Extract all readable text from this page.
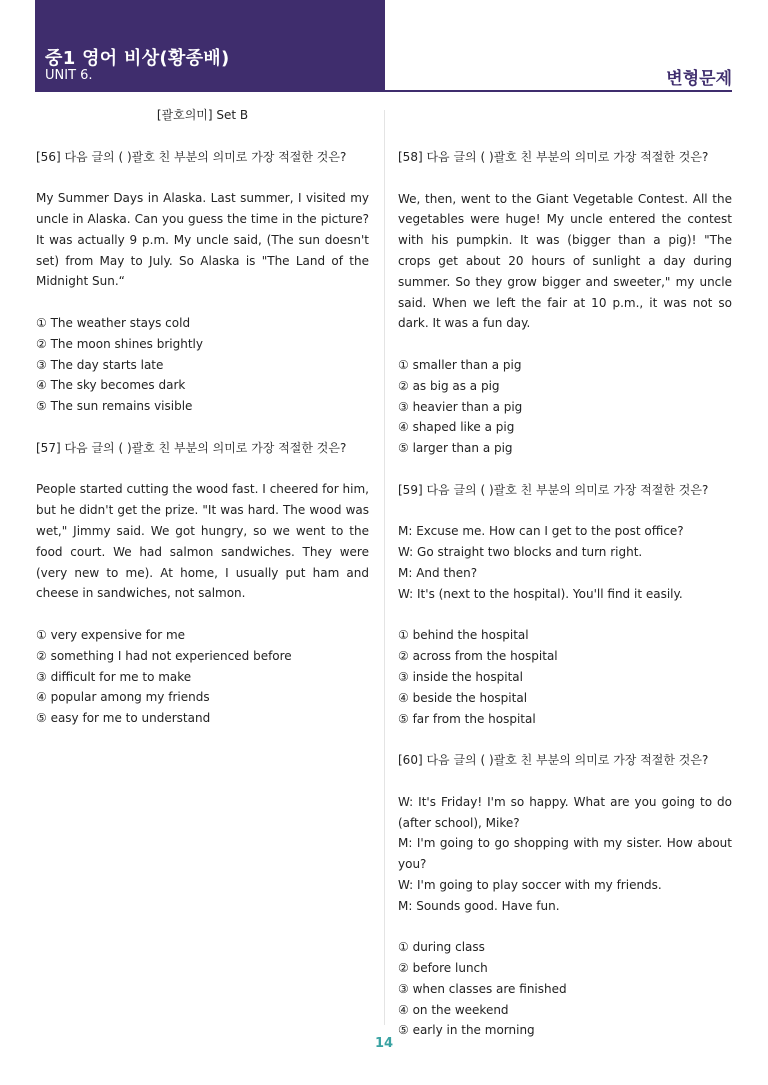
중1 영어 비상(황종배)
UNIT 6.	변형문제
[괄호의미] Set B
[56] 다음 글의 ( )괄호 친 부분의 의미로 가장 적절한 것은?

My Summer Days in Alaska. Last summer, I visited my uncle in Alaska. Can you guess the time in the picture? It was actually 9 p.m. My uncle said, (The sun doesn't set) from May to July. So Alaska is "The Land of the Midnight Sun.“

① The weather stays cold
② The moon shines brightly
③ The day starts late
④ The sky becomes dark
⑤ The sun remains visible
[57] 다음 글의 ( )괄호 친 부분의 의미로 가장 적절한 것은?

People started cutting the wood fast. I cheered for him, but he didn't get the prize. "It was hard. The wood was wet," Jimmy said. We got hungry, so we went to the food court. We had salmon sandwiches. They were (very new to me). At home, I usually put ham and cheese in sandwiches, not salmon.

① very expensive for me
② something I had not experienced before
③ difficult for me to make
④ popular among my friends
⑤ easy for me to understand
[58] 다음 글의 ( )괄호 친 부분의 의미로 가장 적절한 것은?

We, then, went to the Giant Vegetable Contest. All the vegetables were huge! My uncle entered the contest with his pumpkin. It was (bigger than a pig)! "The crops get about 20 hours of sunlight a day during summer. So they grow bigger and sweeter," my uncle said. When we left the fair at 10 p.m., it was not so dark. It was a fun day.

① smaller than a pig
② as big as a pig
③ heavier than a pig
④ shaped like a pig
⑤ larger than a pig
[59] 다음 글의 ( )괄호 친 부분의 의미로 가장 적절한 것은?

M: Excuse me. How can I get to the post office?

W: Go straight two blocks and turn right.

M: And then?

W: It's (next to the hospital). You'll find it easily.

① behind the hospital
② across from the hospital
③ inside the hospital
④ beside the hospital
⑤ far from the hospital
[60] 다음 글의 ( )괄호 친 부분의 의미로 가장 적절한 것은?

W: It's Friday! I'm so happy. What are you going to do (after school), Mike?

M: I'm going to go shopping with my sister. How about you?

W: I'm going to play soccer with my friends.

M: Sounds good. Have fun.

① during class
② before lunch
③ when classes are finished
④ on the weekend
⑤ early in the morning
14
